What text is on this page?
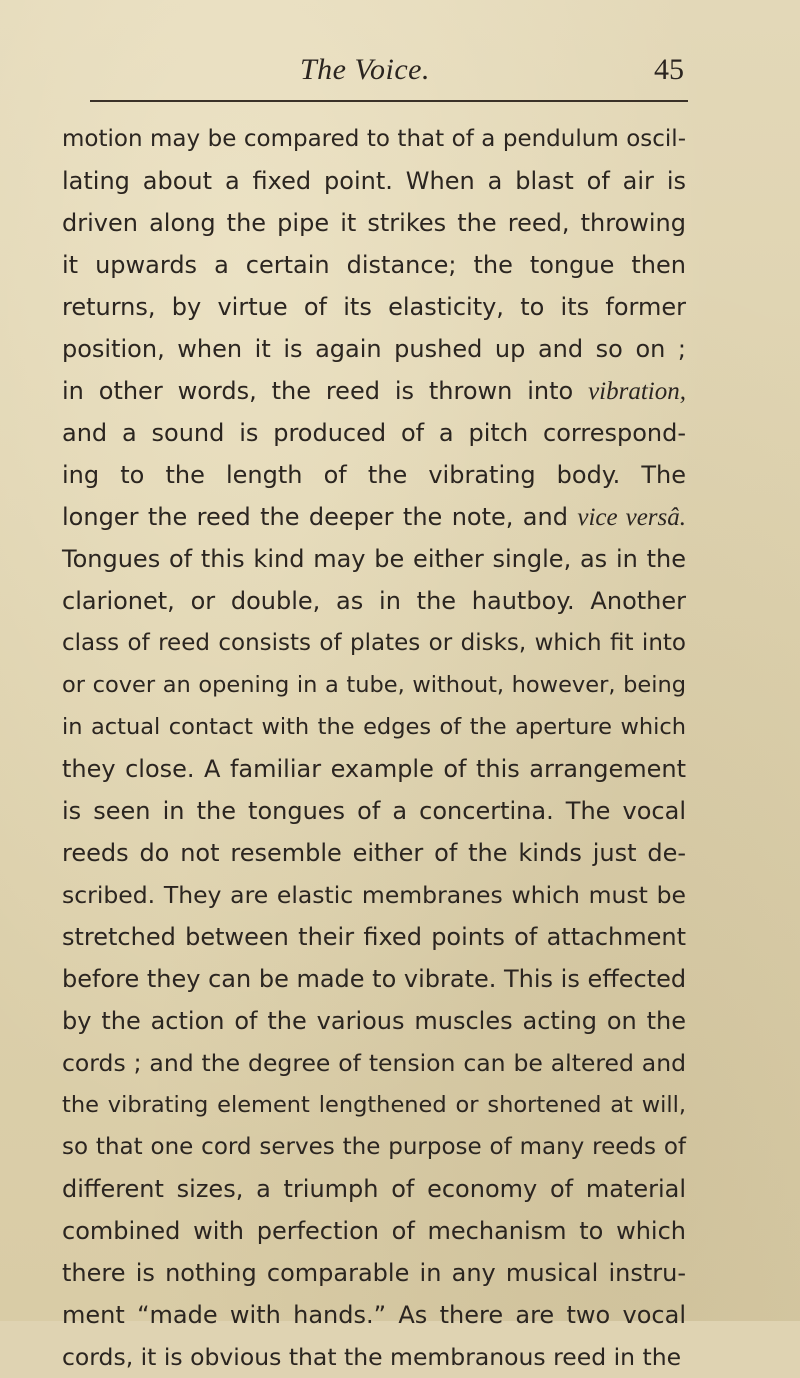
The Voice.	45
motion may be compared to that of a pendulum oscil-
lating about a fixed point. When a blast of air is
driven along the pipe it strikes the reed, throwing
it upwards a certain distance; the tongue then
returns, by virtue of its elasticity, to its former
position, when it is again pushed up and so on ;
in other words, the reed is thrown into vibration,
and a sound is produced of a pitch correspond-
ing to the length of the vibrating body. The
longer the reed the deeper the note, and vice versâ.
Tongues of this kind may be either single, as in the
clarionet, or double, as in the hautboy. Another
class of reed consists of plates or disks, which fit into
or cover an opening in a tube, without, however, being
in actual contact with the edges of the aperture which
they close. A familiar example of this arrangement
is seen in the tongues of a concertina. The vocal
reeds do not resemble either of the kinds just de-
scribed. They are elastic membranes which must be
stretched between their fixed points of attachment
before they can be made to vibrate. This is effected
by the action of the various muscles acting on the
cords ; and the degree of tension can be altered and
the vibrating element lengthened or shortened at will,
so that one cord serves the purpose of many reeds of
different sizes, a triumph of economy of material
combined with perfection of mechanism to which
there is nothing comparable in any musical instru-
ment “made with hands.” As there are two vocal
cords, it is obvious that the membranous reed in the
